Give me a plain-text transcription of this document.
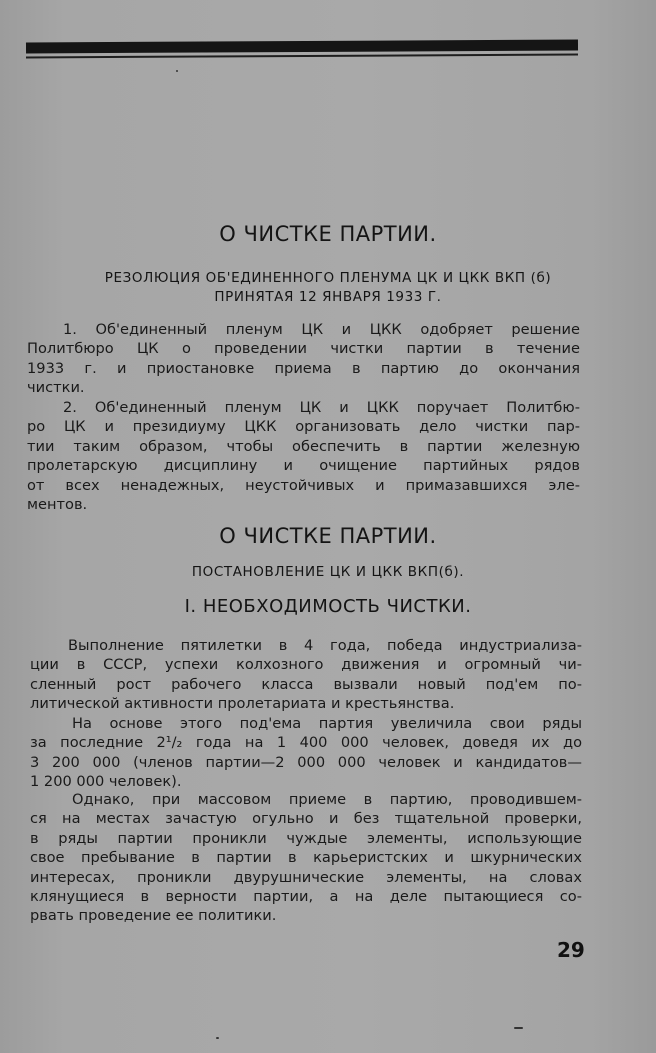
О ЧИСТКЕ ПАРТИИ.
РЕЗОЛЮЦИЯ ОБ'ЕДИНЕННОГО ПЛЕНУМА ЦК И ЦКК ВКП (б)
ПРИНЯТАЯ 12 ЯНВАРЯ 1933 Г.
1. Об'единенный пленум ЦК и ЦКК одобряет решение
Политбюро ЦК о проведении чистки партии в течение
1933 г. и приостановке приема в партию до окончания
чистки.
2. Об'единенный пленум ЦК и ЦКК поручает Политбю-
ро ЦК и президиуму ЦКК организовать дело чистки пар-
тии таким образом, чтобы обеспечить в партии железную
пролетарскую дисциплину и очищение партийных рядов
от всех ненадежных, неустойчивых и примазавшихся эле-
ментов.
О ЧИСТКЕ ПАРТИИ.
ПОСТАНОВЛЕНИЕ ЦК И ЦКК ВКП(б).
I. НЕОБХОДИМОСТЬ ЧИСТКИ.
Выполнение пятилетки в 4 года, победа индустриализа-
ции в СССР, успехи колхозного движения и огромный чи-
сленный рост рабочего класса вызвали новый под'ем по-
литической активности пролетариата и крестьянства.
На основе этого под'ема партия увеличила свои ряды
за последние 2¹/₂ года на 1 400 000 человек, доведя их до
3 200 000 (членов партии—2 000 000 человек и кандидатов—
1 200 000 человек).
Однако, при массовом приеме в партию, проводившем-
ся на местах зачастую огульно и без тщательной проверки,
в ряды партии проникли чуждые элементы, использующие
свое пребывание в партии в карьеристских и шкурнических
интересах, проникли двурушнические элементы, на словах
клянущиеся в верности партии, а на деле пытающиеся со-
рвать проведение ее политики.
29
